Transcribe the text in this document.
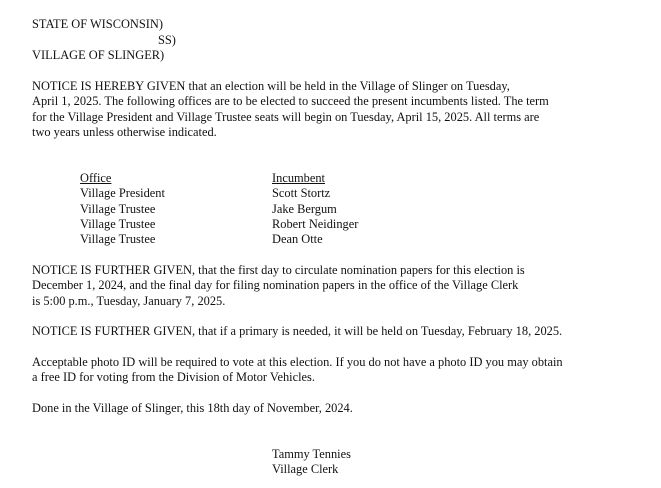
STATE OF WISCONSIN)
SS)
VILLAGE OF SLINGER)
NOTICE IS HEREBY GIVEN that an election will be held in the Village of Slinger on Tuesday,
April 1, 2025. The following offices are to be elected to succeed the present incumbents listed. The term
for the Village President and Village Trustee seats will begin on Tuesday, April 15, 2025. All terms are
two years unless otherwise indicated.
Office	Incumbent
Village President	Scott Stortz
Village Trustee	Jake Bergum
Village Trustee	Robert Neidinger
Village Trustee	Dean Otte
NOTICE IS FURTHER GIVEN, that the first day to circulate nomination papers for this election is
December 1, 2024, and the final day for filing nomination papers in the office of the Village Clerk
is 5:00 p.m., Tuesday, January 7, 2025.
NOTICE IS FURTHER GIVEN, that if a primary is needed, it will be held on Tuesday, February 18, 2025.
Acceptable photo ID will be required to vote at this election. If you do not have a photo ID you may obtain
a free ID for voting from the Division of Motor Vehicles.
Done in the Village of Slinger, this 18th day of November, 2024.
Tammy Tennies
Village Clerk
